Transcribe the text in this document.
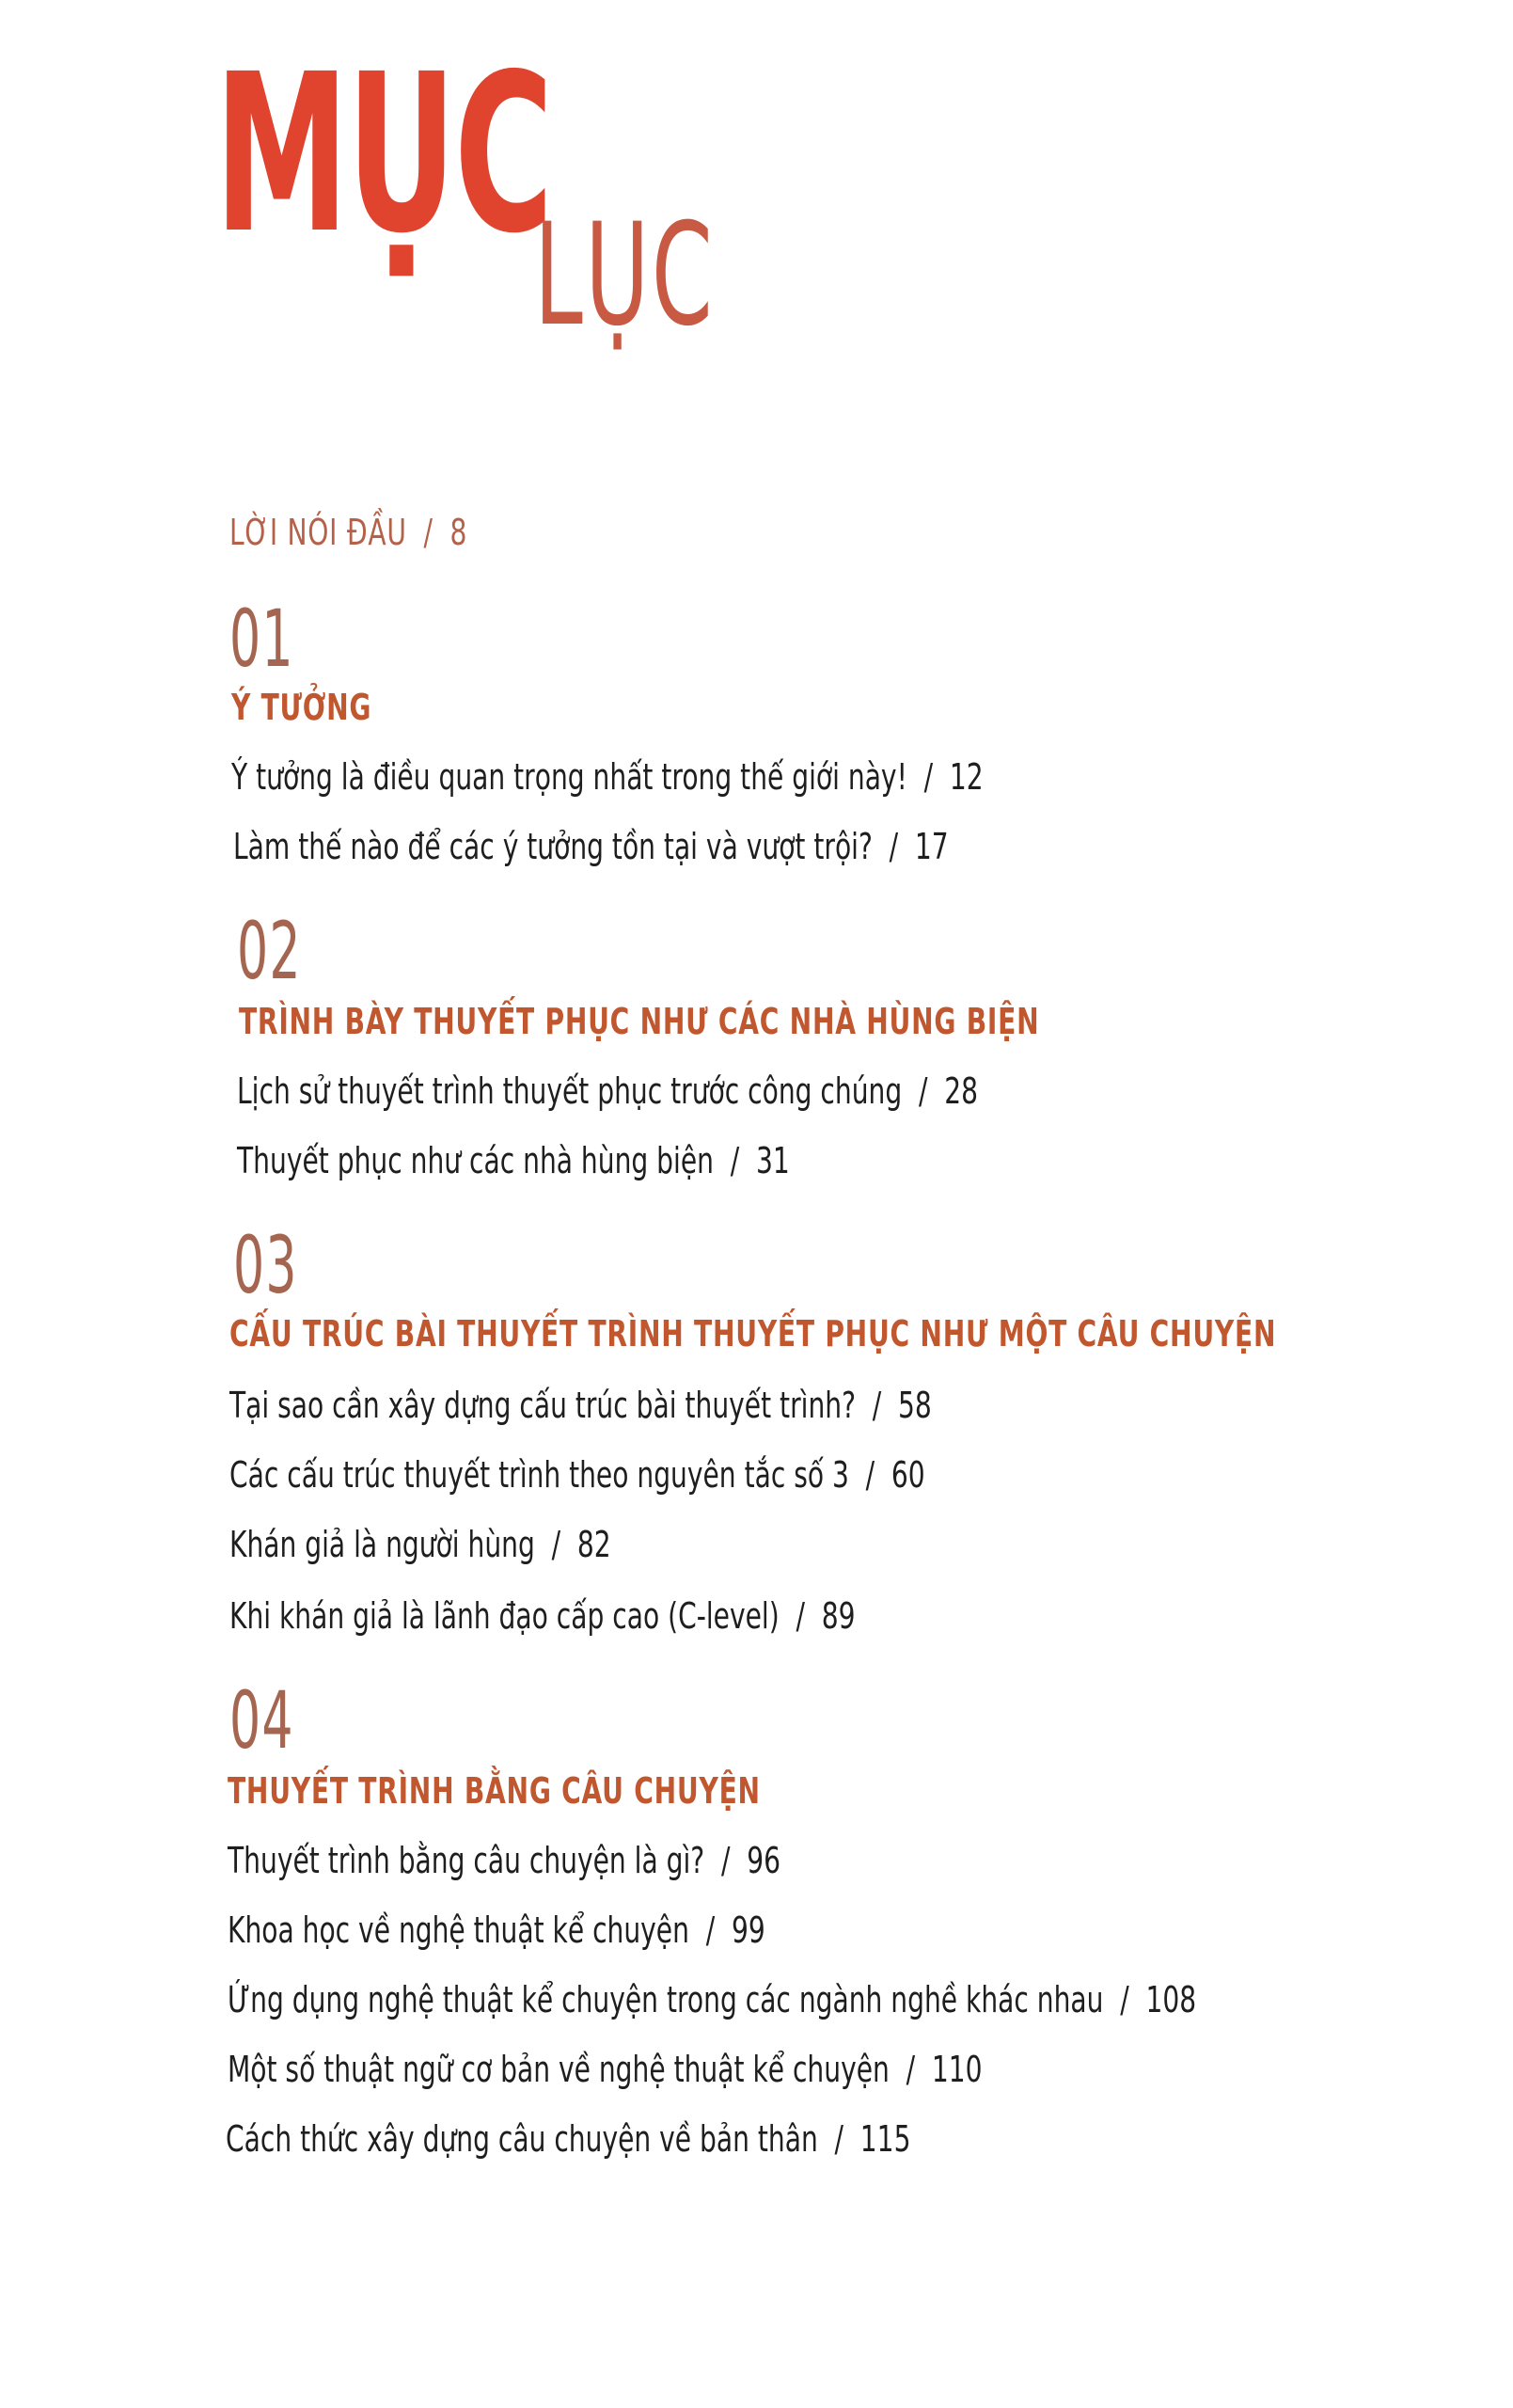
MỤC
LỤC
LỜI NÓI ĐẦU / 8
01
Ý TƯỞNG
Ý tưởng là điều quan trọng nhất trong thế giới này! / 12
Làm thế nào để các ý tưởng tồn tại và vượt trội? / 17
02
TRÌNH BÀY THUYẾT PHỤC NHƯ CÁC NHÀ HÙNG BIỆN
Lịch sử thuyết trình thuyết phục trước công chúng / 28
Thuyết phục như các nhà hùng biện / 31
03
CẤU TRÚC BÀI THUYẾT TRÌNH THUYẾT PHỤC NHƯ MỘT CÂU CHUYỆN
Tại sao cần xây dựng cấu trúc bài thuyết trình? / 58
Các cấu trúc thuyết trình theo nguyên tắc số 3 / 60
Khán giả là người hùng / 82
Khi khán giả là lãnh đạo cấp cao (C-level) / 89
04
THUYẾT TRÌNH BẰNG CÂU CHUYỆN
Thuyết trình bằng câu chuyện là gì? / 96
Khoa học về nghệ thuật kể chuyện / 99
Ứng dụng nghệ thuật kể chuyện trong các ngành nghề khác nhau / 108
Một số thuật ngữ cơ bản về nghệ thuật kể chuyện / 110
Cách thức xây dựng câu chuyện về bản thân / 115
